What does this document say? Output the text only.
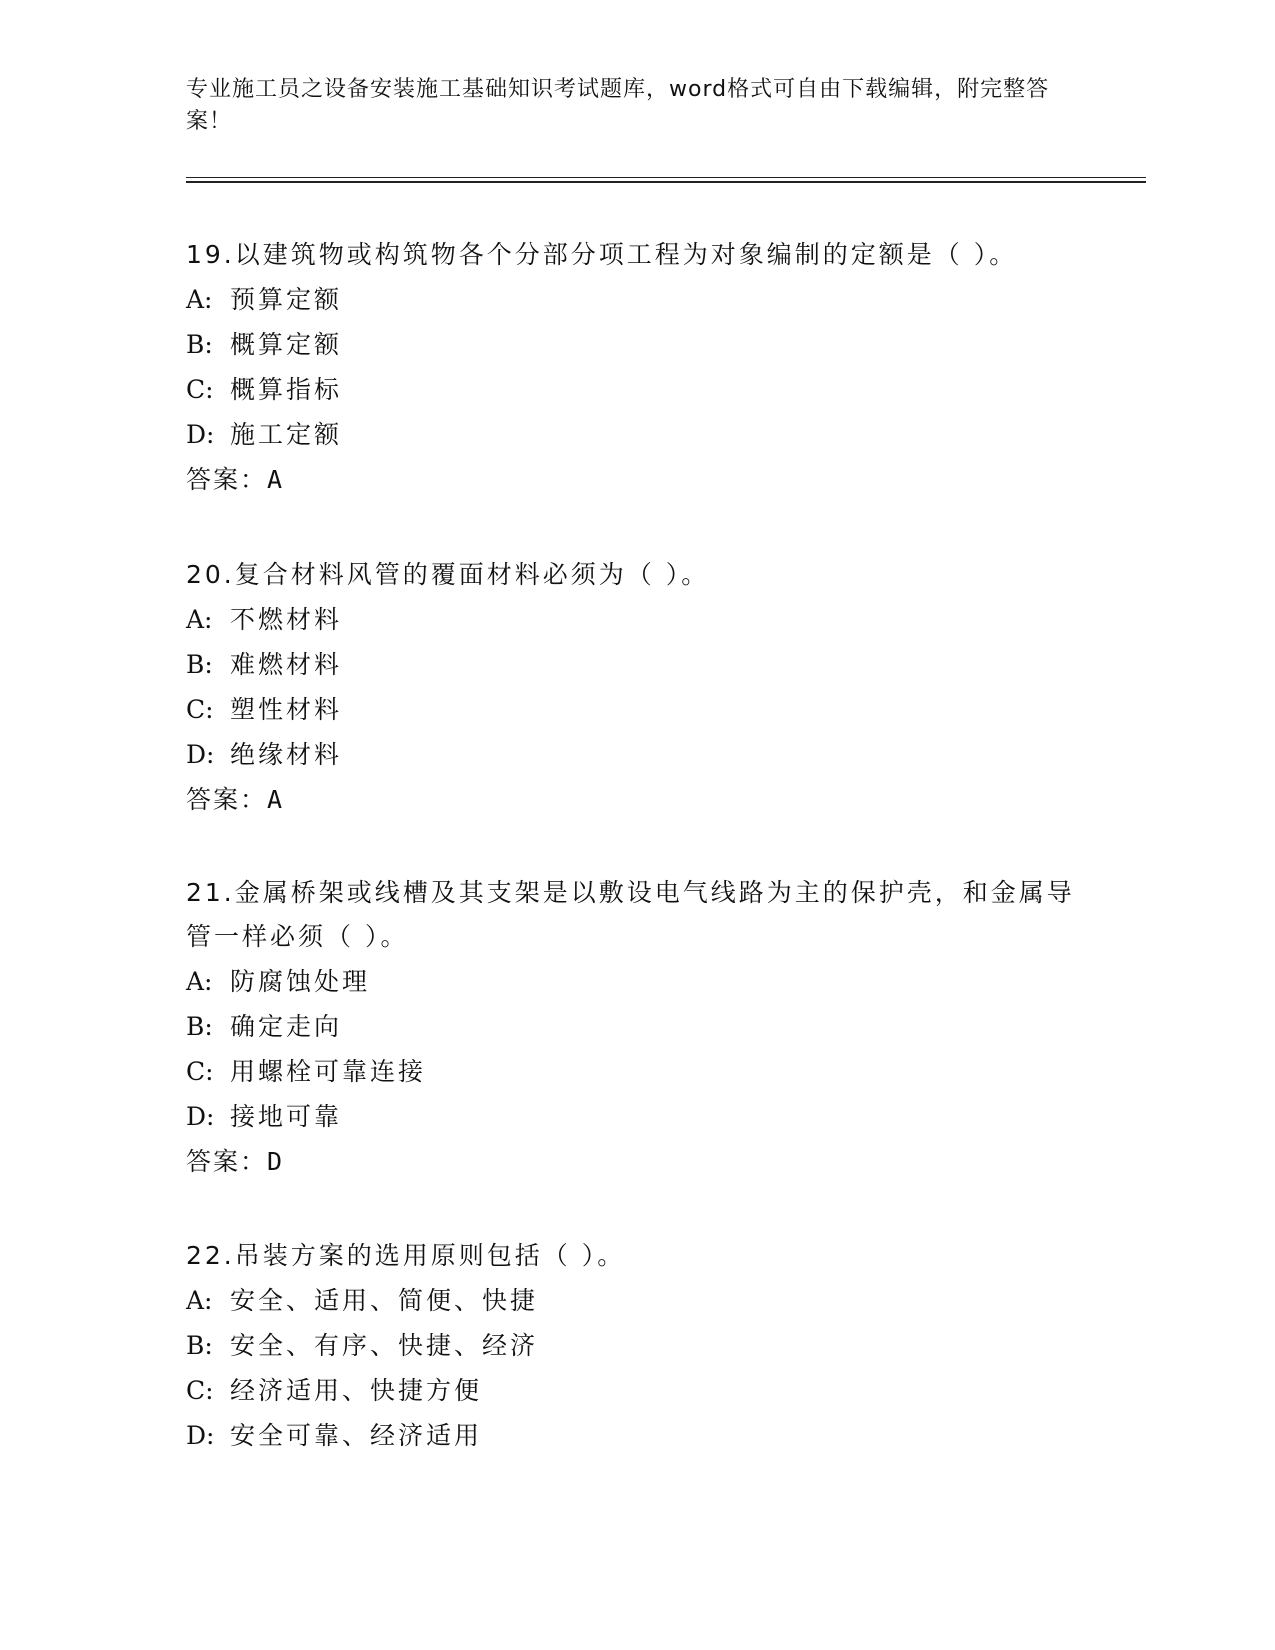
专业施工员之设备安装施工基础知识考试题库，word格式可自由下载编辑，附完整答案！

19.以建筑物或构筑物各个分部分项工程为对象编制的定额是（ ）。

A: 预算定额

B: 概算定额

C: 概算指标

D: 施工定额

答案：A

20.复合材料风管的覆面材料必须为（ ）。

A: 不燃材料

B: 难燃材料

C: 塑性材料

D: 绝缘材料

答案：A

21.金属桥架或线槽及其支架是以敷设电气线路为主的保护壳，和金属导管一样必须（ ）。

A: 防腐蚀处理

B: 确定走向

C: 用螺栓可靠连接

D: 接地可靠

答案：D

22.吊装方案的选用原则包括（ ）。

A: 安全、适用、简便、快捷

B: 安全、有序、快捷、经济

C: 经济适用、快捷方便

D: 安全可靠、经济适用
